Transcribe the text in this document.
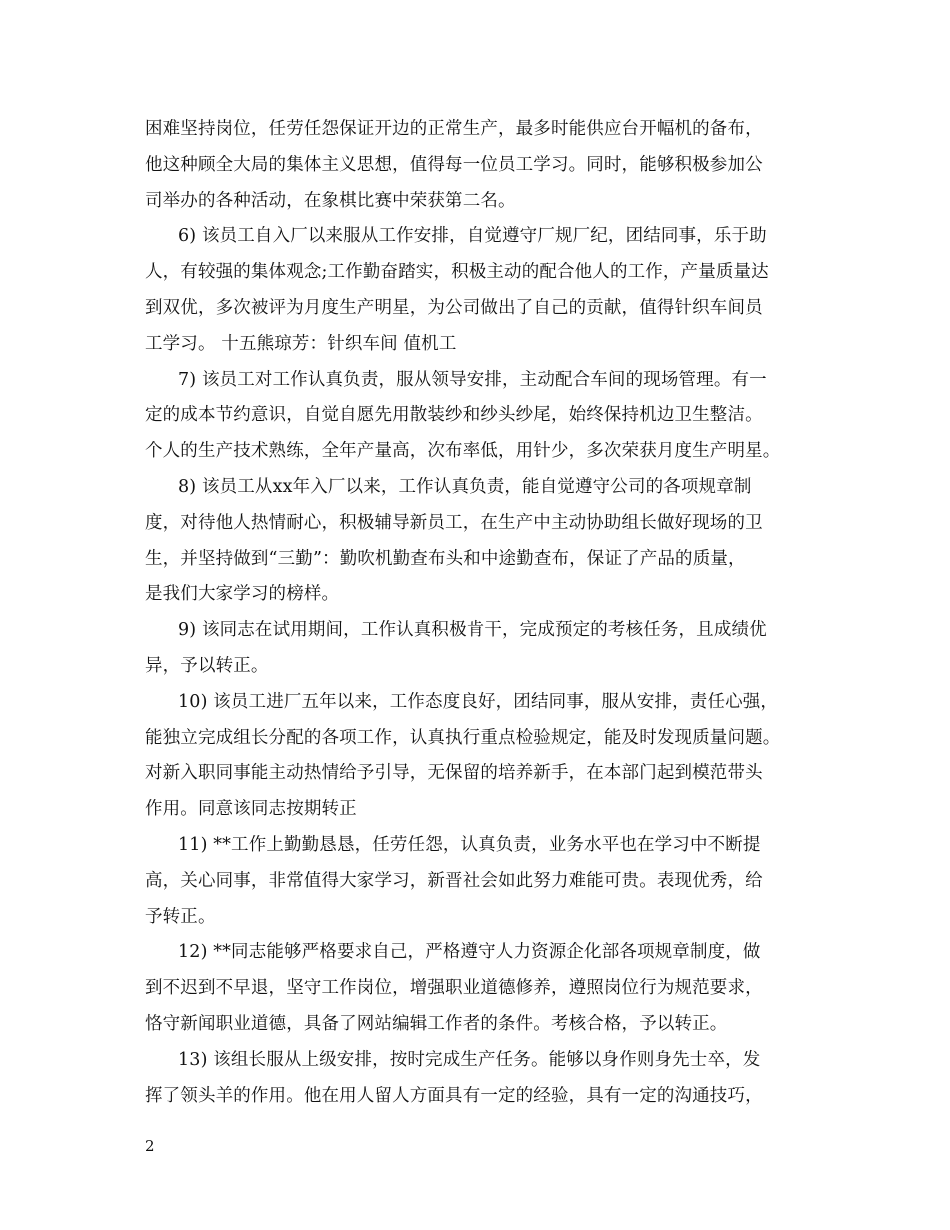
困难坚持岗位，任劳任怨保证开边的正常生产，最多时能供应台开幅机的备布，
他这种顾全大局的集体主义思想，值得每一位员工学习。同时，能够积极参加公
司举办的各种活动，在象棋比赛中荣获第二名。
6) 该员工自入厂以来服从工作安排，自觉遵守厂规厂纪，团结同事，乐于助
人，有较强的集体观念;工作勤奋踏实，积极主动的配合他人的工作，产量质量达
到双优，多次被评为月度生产明星，为公司做出了自己的贡献，值得针织车间员
工学习。 十五熊琼芳：针织车间 值机工
7) 该员工对工作认真负责，服从领导安排，主动配合车间的现场管理。有一
定的成本节约意识，自觉自愿先用散装纱和纱头纱尾，始终保持机边卫生整洁。
个人的生产技术熟练，全年产量高，次布率低，用针少，多次荣获月度生产明星。
8) 该员工从xx年入厂以来，工作认真负责，能自觉遵守公司的各项规章制
度，对待他人热情耐心，积极辅导新员工，在生产中主动协助组长做好现场的卫
生，并坚持做到“三勤”：勤吹机勤查布头和中途勤查布，保证了产品的质量，
是我们大家学习的榜样。
9) 该同志在试用期间，工作认真积极肯干，完成预定的考核任务，且成绩优
异，予以转正。
10) 该员工进厂五年以来，工作态度良好，团结同事，服从安排，责任心强，
能独立完成组长分配的各项工作，认真执行重点检验规定，能及时发现质量问题。
对新入职同事能主动热情给予引导，无保留的培养新手，在本部门起到模范带头
作用。同意该同志按期转正
11) **工作上勤勤恳恳，任劳任怨，认真负责，业务水平也在学习中不断提
高，关心同事，非常值得大家学习，新晋社会如此努力难能可贵。表现优秀，给
予转正。
12) **同志能够严格要求自己，严格遵守人力资源企化部各项规章制度，做
到不迟到不早退，坚守工作岗位，增强职业道德修养，遵照岗位行为规范要求，
恪守新闻职业道德，具备了网站编辑工作者的条件。考核合格，予以转正。
13) 该组长服从上级安排，按时完成生产任务。能够以身作则身先士卒，发
挥了领头羊的作用。他在用人留人方面具有一定的经验，具有一定的沟通技巧，
2
